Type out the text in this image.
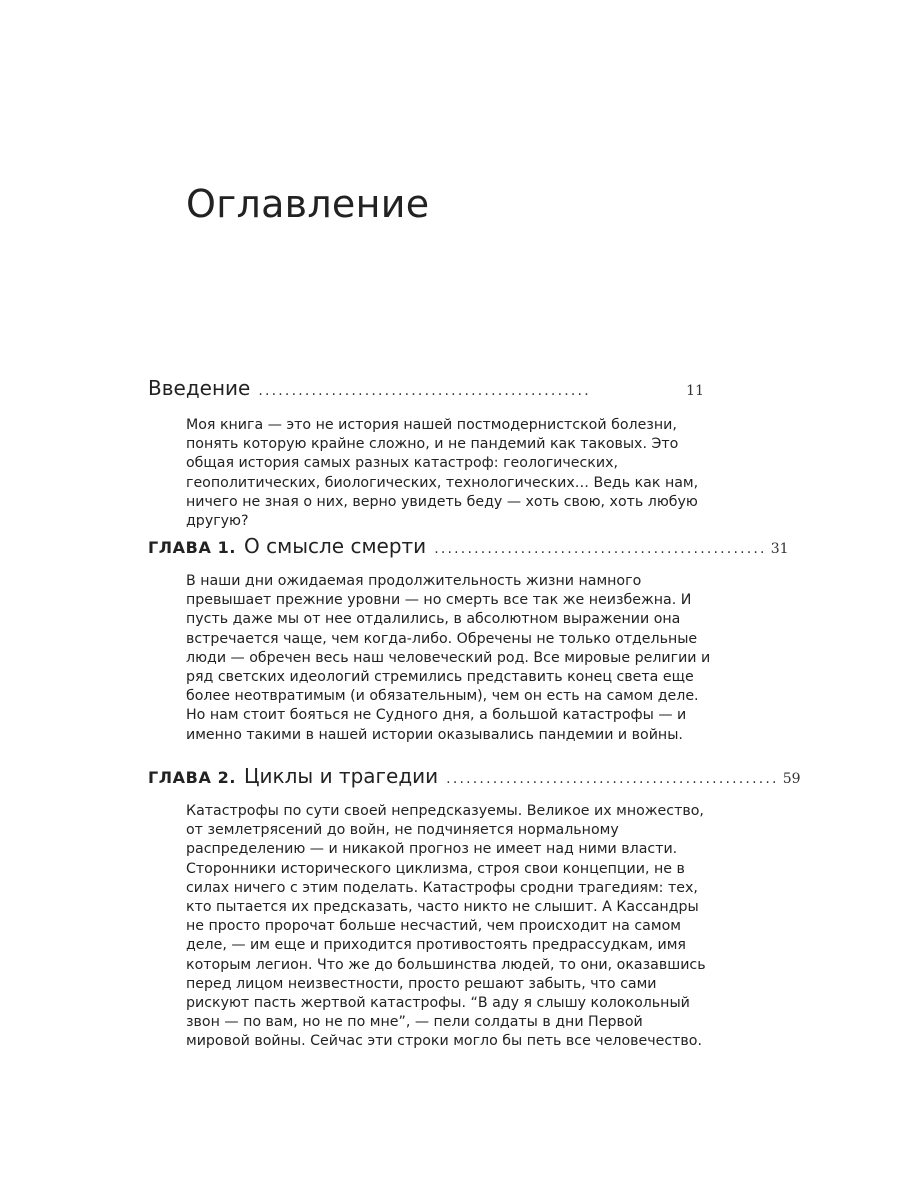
Оглавление
Введение ..................................................	11

Моя книга — это не история нашей постмодернистской болезни, понять которую крайне сложно, и не пандемий как таковых. Это общая история самых разных катастроф: геологических, геополитических, биологических, технологических… Ведь как нам, ничего не зная о них, верно увидеть беду — хоть свою, хоть любую другую?

ГЛАВА 1. О смысле смерти .................................................. 31

В наши дни ожидаемая продолжительность жизни намного превышает прежние уровни — но смерть все так же неизбежна. И пусть даже мы от нее отдалились, в абсолютном выражении она встречается чаще, чем когда-либо. Обречены не только отдельные люди — обречен весь наш человеческий род. Все мировые религии и ряд светских идеологий стремились представить конец света еще более неотвратимым (и обязательным), чем он есть на самом деле. Но нам стоит бояться не Судного дня, а большой катастрофы — и именно такими в нашей истории оказывались пандемии и войны.

ГЛАВА 2. Циклы и трагедии .................................................. 59

Катастрофы по сути своей непредсказуемы. Великое их множество, от землетрясений до войн, не подчиняется нормальному распределению — и никакой прогноз не имеет над ними власти. Сторонники исторического циклизма, строя свои концепции, не в силах ничего с этим поделать. Катастрофы сродни трагедиям: тех, кто пытается их предсказать, часто никто не слышит. А Кассандры не просто пророчат больше несчастий, чем происходит на самом деле, — им еще и приходится противостоять предрассудкам, имя которым легион. Что же до большинства людей, то они, оказавшись перед лицом неизвестности, просто решают забыть, что сами рискуют пасть жертвой катастрофы. “В аду я слышу колокольный звон — по вам, но не по мне”, — пели солдаты в дни Первой мировой войны. Сейчас эти строки могло бы петь все человечество.
